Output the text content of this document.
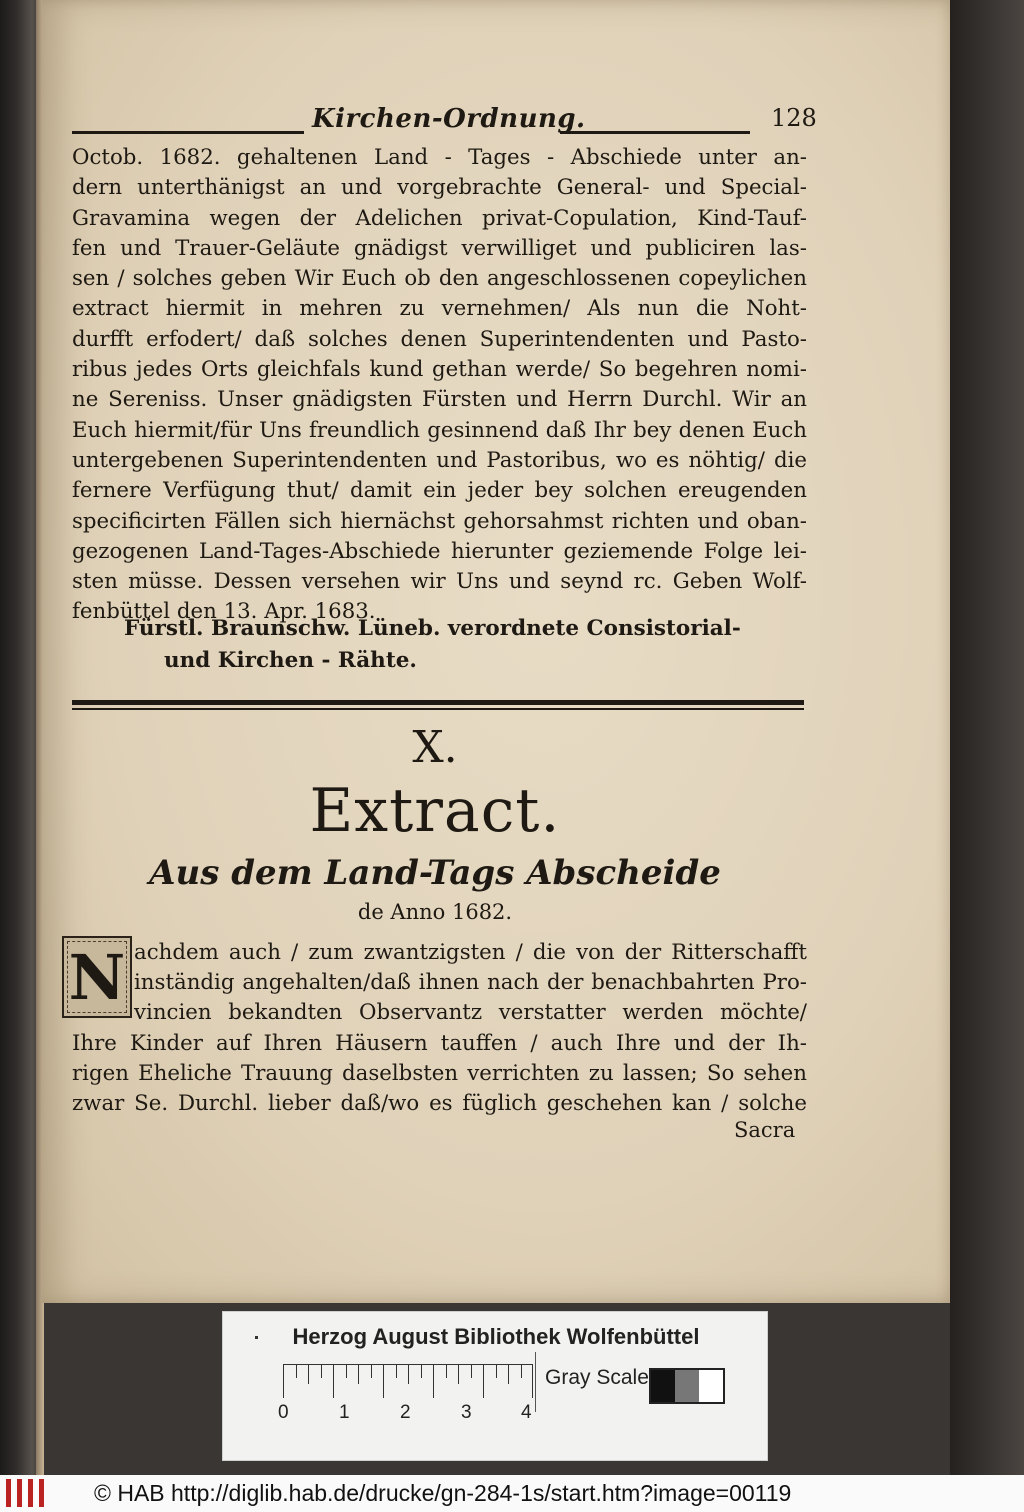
Kirchen-Ordnung.	128
Octob. 1682. gehaltenen Land - Tages - Abschiede unter an-
dern unterthänigst an und vorgebrachte General- und Special-
Gravamina wegen der Adelichen privat-Copulation, Kind-Tauf-
fen und Trauer-Geläute gnädigst verwilliget und publiciren las-
sen / solches geben Wir Euch ob den angeschlossenen copeylichen
extract hiermit in mehren zu vernehmen/ Als nun die Noht-
durfft erfodert/ daß solches denen Superintendenten und Pasto-
ribus jedes Orts gleichfals kund gethan werde/ So begehren nomi-
ne Sereniss. Unser gnädigsten Fürsten und Herrn Durchl. Wir an
Euch hiermit/für Uns freundlich gesinnend daß Ihr bey denen Euch
untergebenen Superintendenten und Pastoribus, wo es nöhtig/ die
fernere Verfügung thut/ damit ein jeder bey solchen ereugenden
specificirten Fällen sich hiernächst gehorsahmst richten und oban-
gezogenen Land-Tages-Abschiede hierunter geziemende Folge lei-
sten müsse. Dessen versehen wir Uns und seynd rc. Geben Wolf-
fenbüttel den 13. Apr. 1683.
Fürstl. Braunschw. Lüneb. verordnete Consistorial-
und Kirchen - Rähte.
X.
Extract.
Aus dem Land-Tags Abscheide
de Anno 1682.
N achdem auch / zum zwantzigsten / die von der Ritterschafft
inständig angehalten/daß ihnen nach der benachbahrten Pro-
vincien bekandten Observantz verstatter werden möchte/
Ihre Kinder auf Ihren Häusern tauffen / auch Ihre und der Ih-
rigen Eheliche Trauung daselbsten verrichten zu lassen; So sehen
zwar Se. Durchl. lieber daß/wo es füglich geschehen kan / solche
Sacra
Herzog August Bibliothek Wolfenbüttel
0	1	2	3	4
Gray Scale
© HAB http://diglib.hab.de/drucke/gn-284-1s/start.htm?image=00119
